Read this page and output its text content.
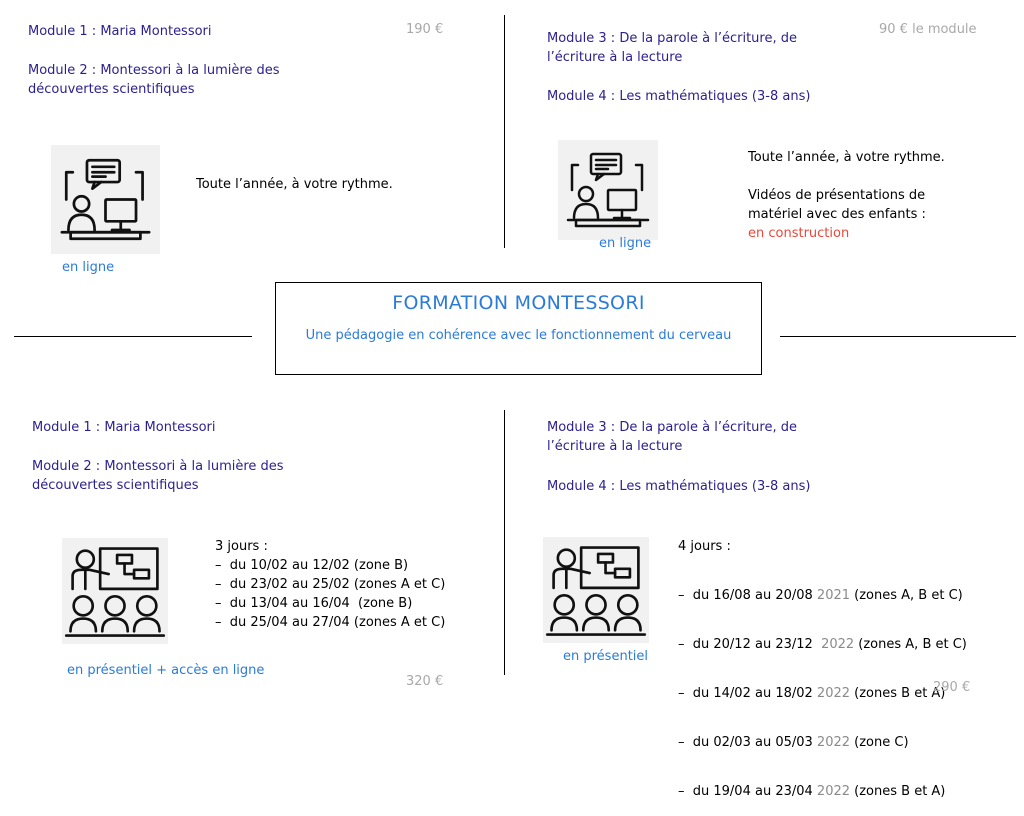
Module 1 : Maria Montessori	190 €
Module 2 : Montessori à la lumière des découvertes scientifiques
Toute l’année, à votre rythme.
en ligne
Module 3 : De la parole à l’écriture, de l’écriture à la lecture
90 € le module
Module 4 : Les mathématiques (3-8 ans)
en ligne
Toute l’année, à votre rythme.
Vidéos de présentations de matériel avec des enfants :
en construction
FORMATION MONTESSORI
Une pédagogie en cohérence avec le fonctionnement du cerveau
Module 1 : Maria Montessori
Module 2 : Montessori à la lumière des découvertes scientifiques
3 jours :
–  du 10/02 au 12/02 (zone B)
–  du 23/02 au 25/02 (zones A et C)
–  du 13/04 au 16/04  (zone B)
–  du 25/04 au 27/04 (zones A et C)
en présentiel + accès en ligne
320 €
Module 3 : De la parole à l’écriture, de l’écriture à la lecture
Module 4 : Les mathématiques (3-8 ans)
en présentiel
4 jours :

–  du 16/08 au 20/08 2021 (zones A, B et C)

–  du 20/12 au 23/12  2022 (zones A, B et C)

–  du 14/02 au 18/02 2022 (zones B et A)

–  du 02/03 au 05/03 2022 (zone C)

–  du 19/04 au 23/04 2022 (zones B et A)

290 €
